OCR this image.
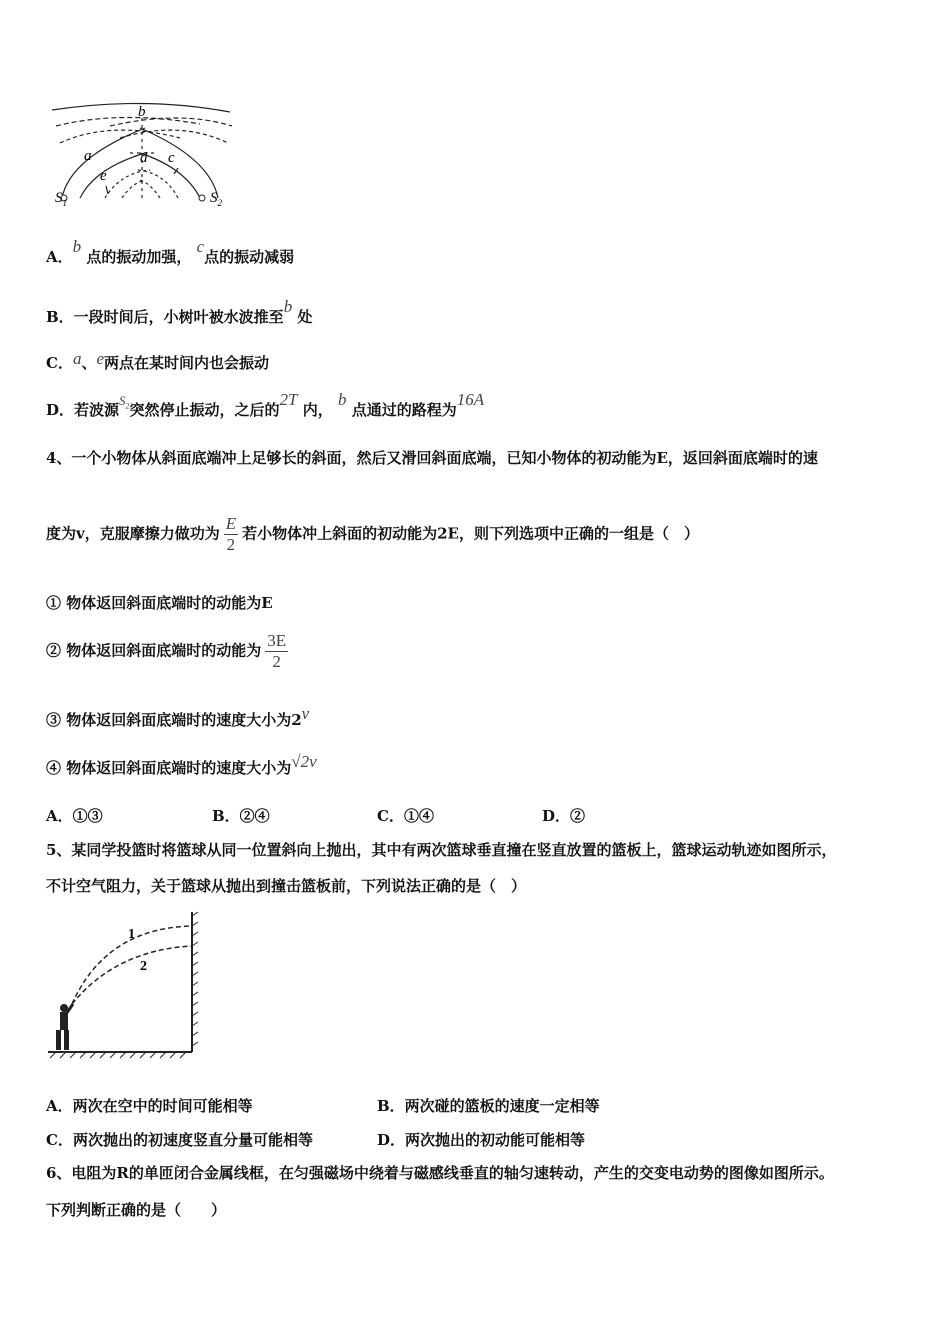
b
a	d c
e
$S_1$	$S_2$
A．b 点的振动加强， c点的振动减弱
B．一段时间后，小树叶被水波推至b 处
C．a、e两点在某时间内也会振动
D．若波源$S_2$突然停止振动，之后的2T 内， b 点通过的路程为16A
4、一个小物体从斜面底端冲上足够长的斜面，然后又滑回斜面底端，已知小物体的初动能为E，返回斜面底端时的速
度为v，克服摩擦力做功为 $\frac{E}{2}$ 若小物体冲上斜面的初动能为2E，则下列选项中正确的一组是（　）
① 物体返回斜面底端时的动能为E
② 物体返回斜面底端时的动能为 $\frac{3E}{2}$
③ 物体返回斜面底端时的速度大小为2v
④ 物体返回斜面底端时的速度大小为√2v
A．①③	B．②④	C．①④	D．②
5、某同学投篮时将篮球从同一位置斜向上抛出，其中有两次篮球垂直撞在竖直放置的篮板上，篮球运动轨迹如图所示，
不计空气阻力，关于篮球从抛出到撞击篮板前，下列说法正确的是（　）
1
2
A．两次在空中的时间可能相等	B．两次碰的篮板的速度一定相等
C．两次抛出的初速度竖直分量可能相等	D．两次抛出的初动能可能相等
6、电阻为R的单匝闭合金属线框，在匀强磁场中绕着与磁感线垂直的轴匀速转动，产生的交变电动势的图像如图所示。
下列判断正确的是（　　）
